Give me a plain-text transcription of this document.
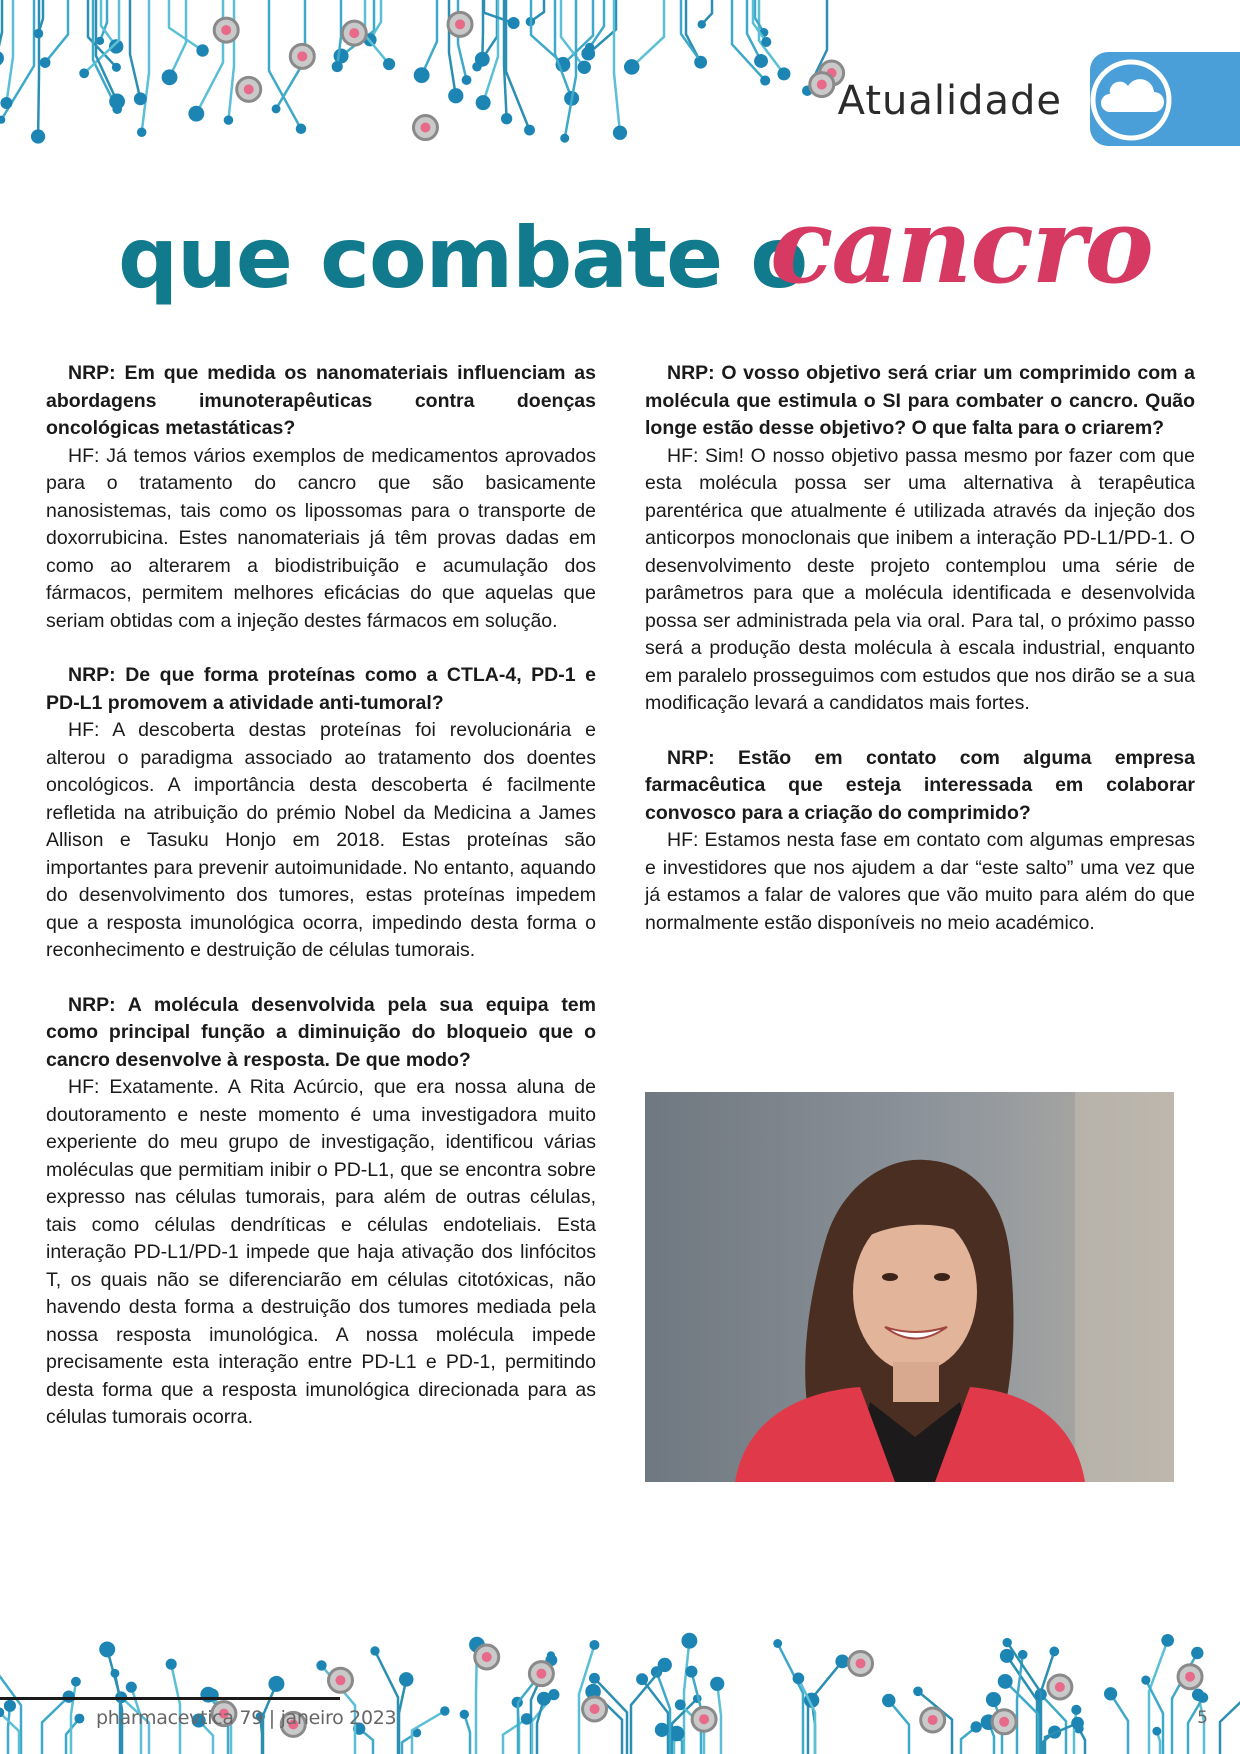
Atualidade
que combate o
cancro

NRP: Em que medida os nanomateriais influenciam as abordagens imunoterapêuticas contra doenças oncológicas metastáticas?

HF: Já temos vários exemplos de medicamentos aprovados para o tratamento do cancro que são basicamente nanosistemas, tais como os lipossomas para o transporte de doxorrubicina. Estes nanomateriais já têm provas dadas em como ao alterarem a biodistribuição e acumulação dos fármacos, permitem melhores eficácias do que aquelas que seriam obtidas com a injeção destes fármacos em solução.

NRP: De que forma proteínas como a CTLA-4, PD-1 e PD-L1 promovem a atividade anti-tumoral?

HF: A descoberta destas proteínas foi revolucionária e alterou o paradigma associado ao tratamento dos doentes oncológicos. A importância desta descoberta é facilmente refletida na atribuição do prémio Nobel da Medicina a James Allison e Tasuku Honjo em 2018. Estas proteínas são importantes para prevenir autoimunidade. No entanto, aquando do desenvolvimento dos tumores, estas proteínas impedem que a resposta imunológica ocorra, impedindo desta forma o reconhecimento e destruição de células tumorais.

NRP: A molécula desenvolvida pela sua equipa tem como principal função a diminuição do bloqueio que o cancro desenvolve à resposta. De que modo?

HF: Exatamente. A Rita Acúrcio, que era nossa aluna de doutoramento e neste momento é uma investigadora muito experiente do meu grupo de investigação, identificou várias moléculas que permitiam inibir o PD-L1, que se encontra sobre expresso nas células tumorais, para além de outras células, tais como células dendríticas e células endoteliais. Esta interação PD-L1/PD-1 impede que haja ativação dos linfócitos T, os quais não se diferenciarão em células citotóxicas, não havendo desta forma a destruição dos tumores mediada pela nossa resposta imunológica. A nossa molécula impede precisamente esta interação entre PD-L1 e PD-1, permitindo desta forma que a resposta imunológica direcionada para as células tumorais ocorra.

NRP: O vosso objetivo será criar um comprimido com a molécula que estimula o SI para combater o cancro. Quão longe estão desse objetivo? O que falta para o criarem?

HF: Sim! O nosso objetivo passa mesmo por fazer com que esta molécula possa ser uma alternativa à terapêutica parentérica que atualmente é utilizada através da injeção dos anticorpos monoclonais que inibem a interação PD-L1/PD-1. O desenvolvimento deste projeto contemplou uma série de parâmetros para que a molécula identificada e desenvolvida possa ser administrada pela via oral. Para tal, o próximo passo será a produção desta molécula à escala industrial, enquanto em paralelo prosseguimos com estudos que nos dirão se a sua modificação levará a candidatos mais fortes.

NRP: Estão em contato com alguma empresa farmacêutica que esteja interessada em colaborar convosco para a criação do comprimido?

HF: Estamos nesta fase em contato com algumas empresas e investidores que nos ajudem a dar “este salto” uma vez que já estamos a falar de valores que vão muito para além do que normalmente estão disponíveis no meio académico.

pharmacevtica 79 | janeiro 2023	5
